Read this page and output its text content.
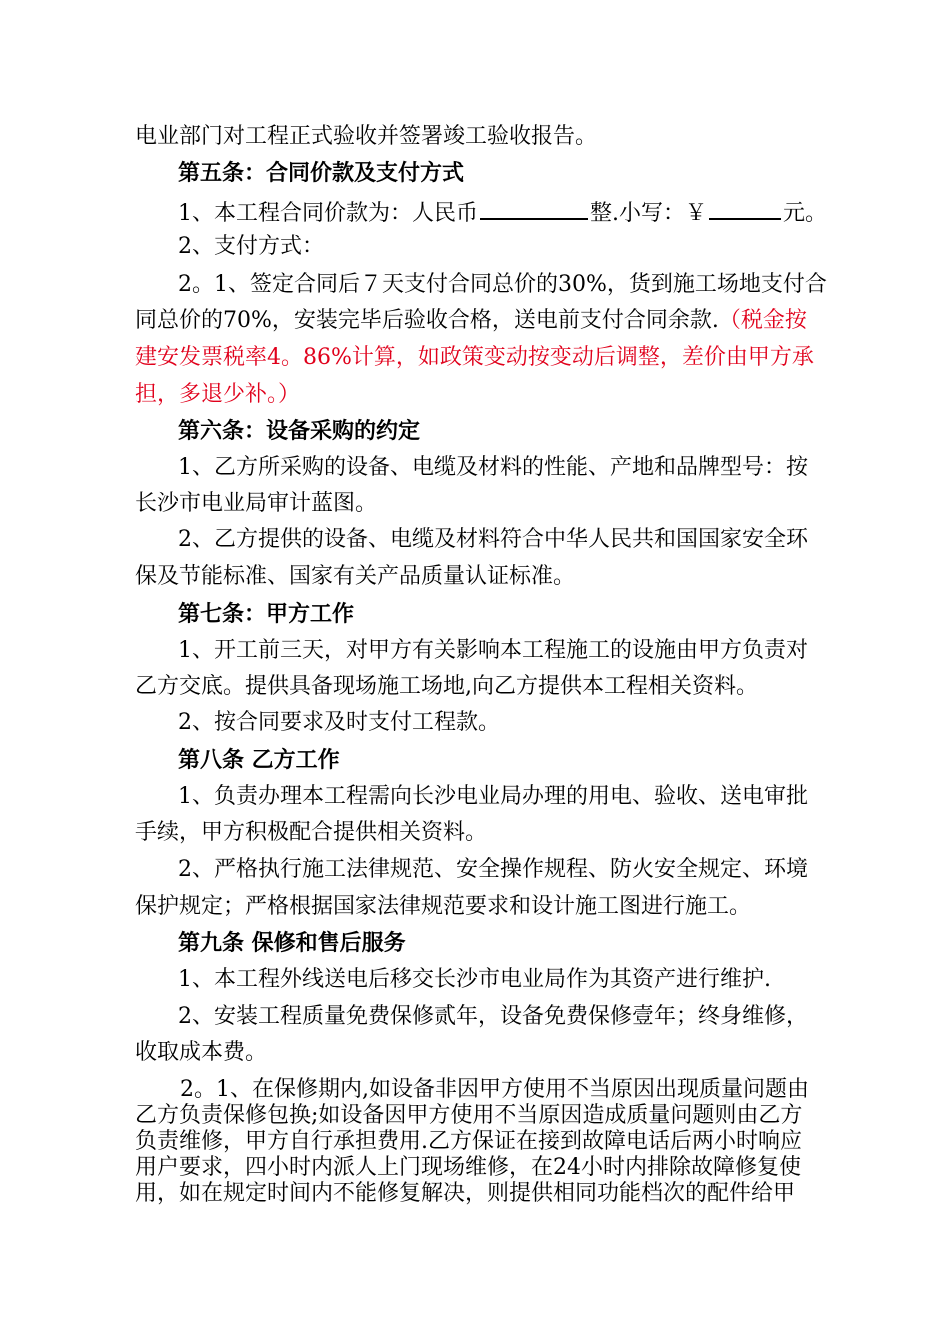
电业部门对工程正式验收并签署竣工验收报告。
第五条：合同价款及支付方式
1、本工程合同价款为：人民币	整.小写：￥	元。
2、支付方式：
2。1、签定合同后７天支付合同总价的30%，货到施工场地支付合
同总价的70%，安装完毕后验收合格，送电前支付合同余款.（税金按
建安发票税率4。86%计算，如政策变动按变动后调整，差价由甲方承
担，多退少补。）
第六条：设备采购的约定
1、乙方所采购的设备、电缆及材料的性能、产地和品牌型号：按
长沙市电业局审计蓝图。
2、乙方提供的设备、电缆及材料符合中华人民共和国国家安全环
保及节能标准、国家有关产品质量认证标准。
第七条：甲方工作
1、开工前三天，对甲方有关影响本工程施工的设施由甲方负责对
乙方交底。提供具备现场施工场地,向乙方提供本工程相关资料。
2、按合同要求及时支付工程款。
第八条 乙方工作
1、负责办理本工程需向长沙电业局办理的用电、验收、送电审批
手续，甲方积极配合提供相关资料。
2、严格执行施工法律规范、安全操作规程、防火安全规定、环境
保护规定；严格根据国家法律规范要求和设计施工图进行施工。
第九条 保修和售后服务
1、本工程外线送电后移交长沙市电业局作为其资产进行维护.
2、安装工程质量免费保修贰年，设备免费保修壹年；终身维修，
收取成本费。
2。1、在保修期内,如设备非因甲方使用不当原因出现质量问题由
乙方负责保修包换;如设备因甲方使用不当原因造成质量问题则由乙方
负责维修，甲方自行承担费用.乙方保证在接到故障电话后两小时响应
用户要求，四小时内派人上门现场维修，在24小时内排除故障修复使
用，如在规定时间内不能修复解决，则提供相同功能档次的配件给甲
